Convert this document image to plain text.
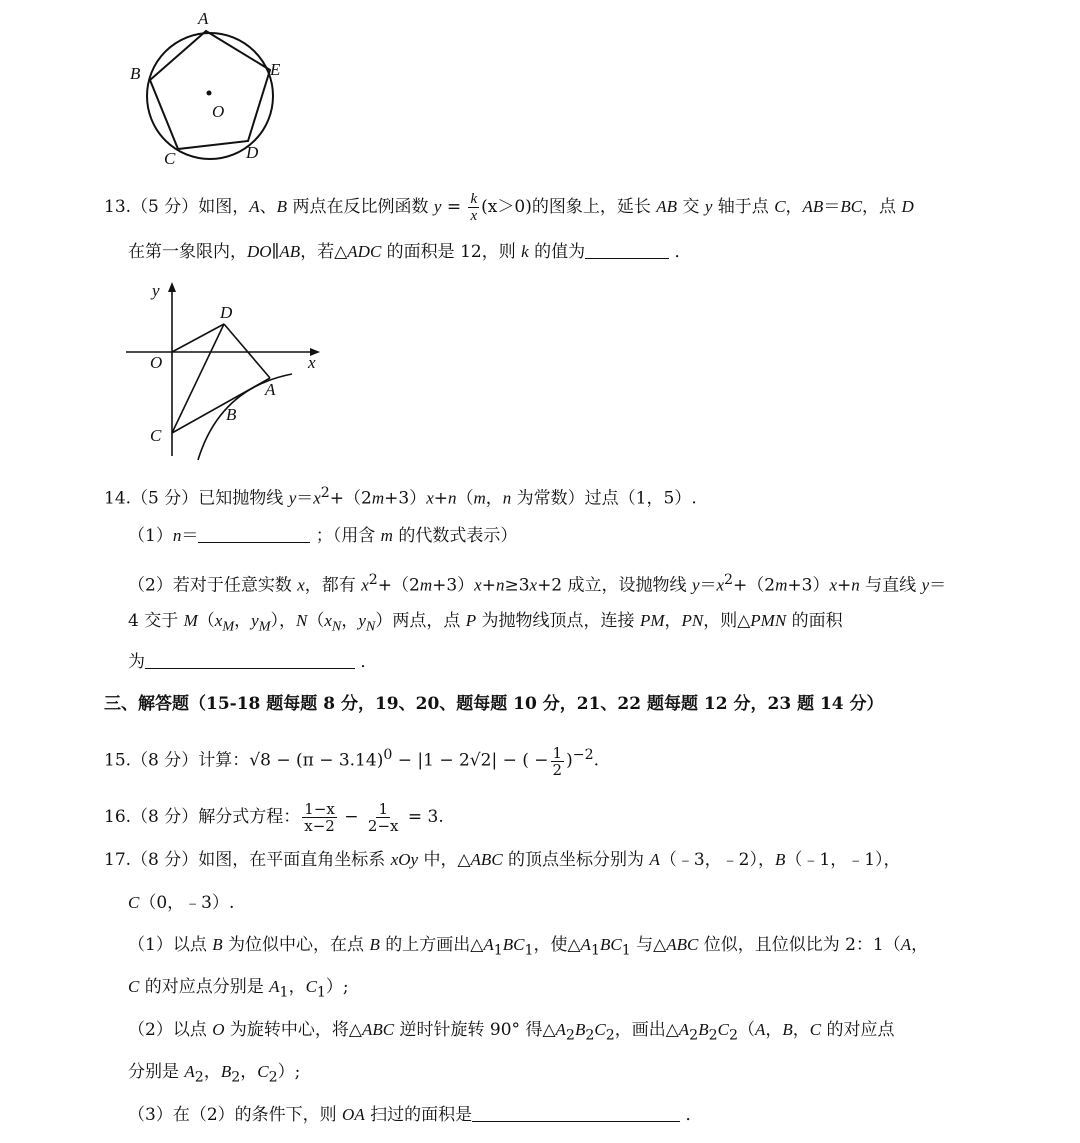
A
B
C	D
E
O
13.（5 分）如图，A、B 两点在反比例函数 $y = \frac{k}{x} (x>0)$的图象上，延长 AB 交 y 轴于点 C，AB＝BC，点 D
在第一象限内，DO∥AB，若△ADC 的面积是 12，则 k 的值为	．
y
x
O
D
A
B
C
14.（5 分）已知抛物线 $y=x^2+(2m+3)x+n(m$，n 为常数）过点（1，5）.
（1）n＝	；（用含 m 的代数式表示）
（2）若对于任意实数 x，都有 $x^2+(2m+3)x+n\ge 3x+2$ 成立，设抛物线 $y=x^2+(2m+3)x+n$ 与直线 y＝
4 交于 $M(x_M$，$y_M$），$N(x_N$，$y_N$）两点，点 P 为抛物线顶点，连接 PM，PN，则△PMN 的面积
为	．
三、解答题（15-18 题每题 8 分，19、20、题每题 10 分，21、22 题每题 12 分，23 题 14 分）
15.（8 分）计算：$√8 - (\pi - 3.14)^0 - |1 - 2√2|$ − ( − $\frac{1}{2} )^{-2}$.
16.（8 分）解分式方程： $\frac{1-x}{x-2} - \frac{1}{2-x} = 3$.
17.（8 分）如图，在平面直角坐标系 xOy 中，△ABC 的顶点坐标分别为 A（﹣3，﹣2），B（﹣1，﹣1），
C（0，﹣3）.
（1）以点 B 为位似中心，在点 B 的上方画出$\triangle A_1BC_1$，使$\triangle A_1BC_1$ 与△ABC 位似，且位似比为 2：1（A，
C 的对应点分别是 $A_1$，$C_1$）;
（2）以点 O 为旋转中心，将△ABC 逆时针旋转 90° 得$\triangle A_2B_2C_2$，画出$\triangle A_2B_2C_2(A$，B，C 的对应点
分别是 $A_2$，$B_2$，$C_2$）;
（3）在（2）的条件下，则 OA 扫过的面积是	．
